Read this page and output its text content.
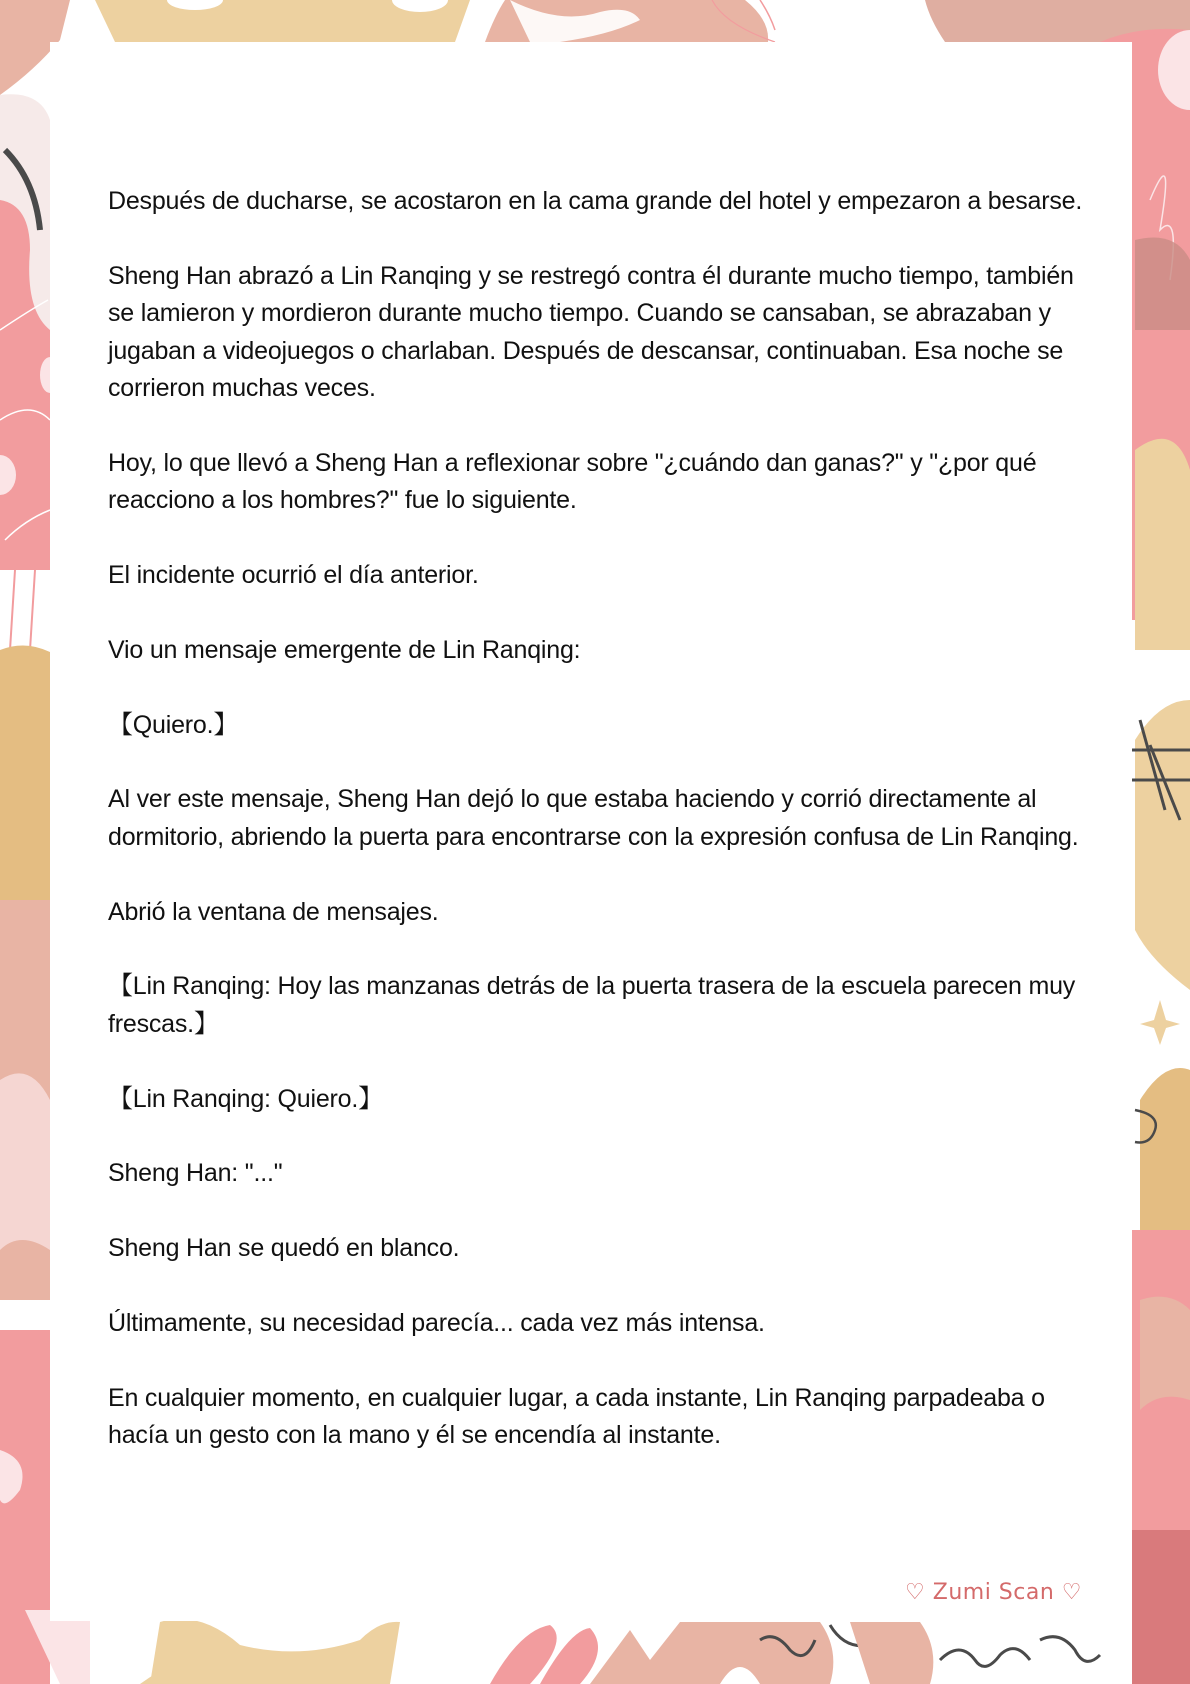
Después de ducharse, se acostaron en la cama grande del hotel y empezaron a besarse.

Sheng Han abrazó a Lin Ranqing y se restregó contra él durante mucho tiempo, también se lamieron y mordieron durante mucho tiempo. Cuando se cansaban, se abrazaban y jugaban a videojuegos o charlaban. Después de descansar, continuaban. Esa noche se corrieron muchas veces.

Hoy, lo que llevó a Sheng Han a reflexionar sobre "¿cuándo dan ganas?" y "¿por qué reacciono a los hombres?" fue lo siguiente.

El incidente ocurrió el día anterior.

Vio un mensaje emergente de Lin Ranqing:

【Quiero.】

Al ver este mensaje, Sheng Han dejó lo que estaba haciendo y corrió directamente al dormitorio, abriendo la puerta para encontrarse con la expresión confusa de Lin Ranqing.

Abrió la ventana de mensajes.

【Lin Ranqing: Hoy las manzanas detrás de la puerta trasera de la escuela parecen muy frescas.】

【Lin Ranqing: Quiero.】

Sheng Han: "..."

Sheng Han se quedó en blanco.

Últimamente, su necesidad parecía... cada vez más intensa.

En cualquier momento, en cualquier lugar, a cada instante, Lin Ranqing parpadeaba o hacía un gesto con la mano y él se encendía al instante.

♡ Zumi Scan ♡
